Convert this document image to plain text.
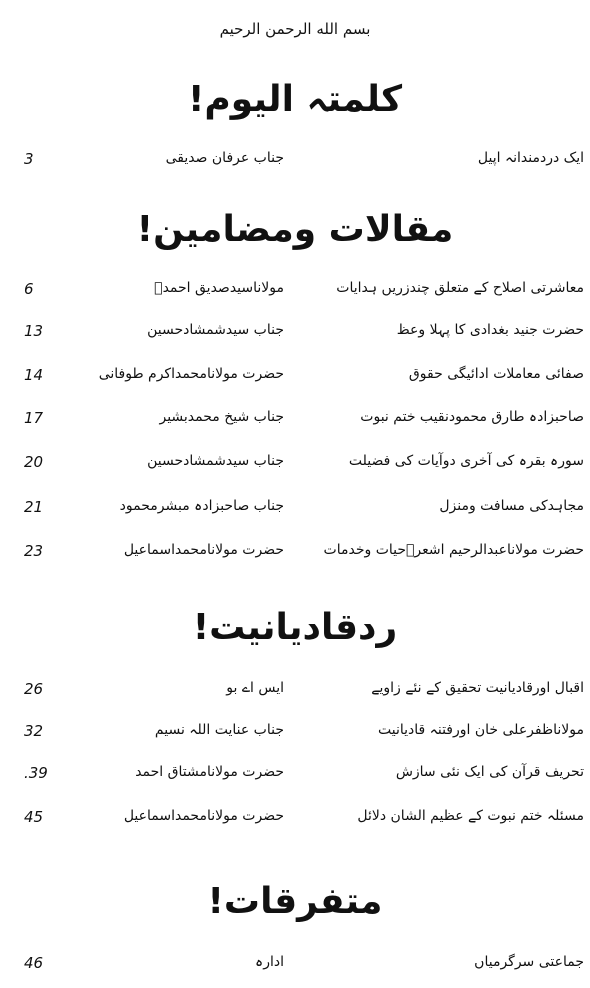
بسم الله الرحمن الرحیم
کلمتہ الیوم!
3	جناب عرفان صدیقی	ایک دردمندانہ اپیل
مقالات ومضامین!
6	مولاناسیدصدیق احمدؒ	معاشرتی اصلاح کے متعلق چندزریں ہدایات
13	جناب سیدشمشادحسین	حضرت جنید بغدادی کا پہلا وعظ
14	حضرت مولانامحمداکرم طوفانی	صفائی معاملات ادائیگی حقوق
17	جناب شیخ محمدبشیر	صاحبزادہ طارق محمودنقیب ختم نبوت
20	جناب سیدشمشادحسین	سورہ بقرہ کی آخری دوآیات کی فضیلت
21	جناب صاحبزادہ مبشرمحمود	مجاہدکی مسافت ومنزل
23	حضرت مولانامحمداسماعیل	حضرت مولاناعبدالرحیم اشعرؒحیات وخدمات
ردقادیانیت!
26	ایس اے بو	اقبال اورقادیانیت تحقیق کے نئے زاویے
32	جناب عنایت اللہ نسیم	مولاناظفرعلی خان اورفتنہ قادیانیت
.39	حضرت مولانامشتاق احمد	تحریف قرآن کی ایک نئی سازش
45	حضرت مولانامحمداسماعیل	مسئلہ ختم نبوت کے عظیم الشان دلائل
متفرقات!
46	ادارہ	جماعتی سرگرمیاں
